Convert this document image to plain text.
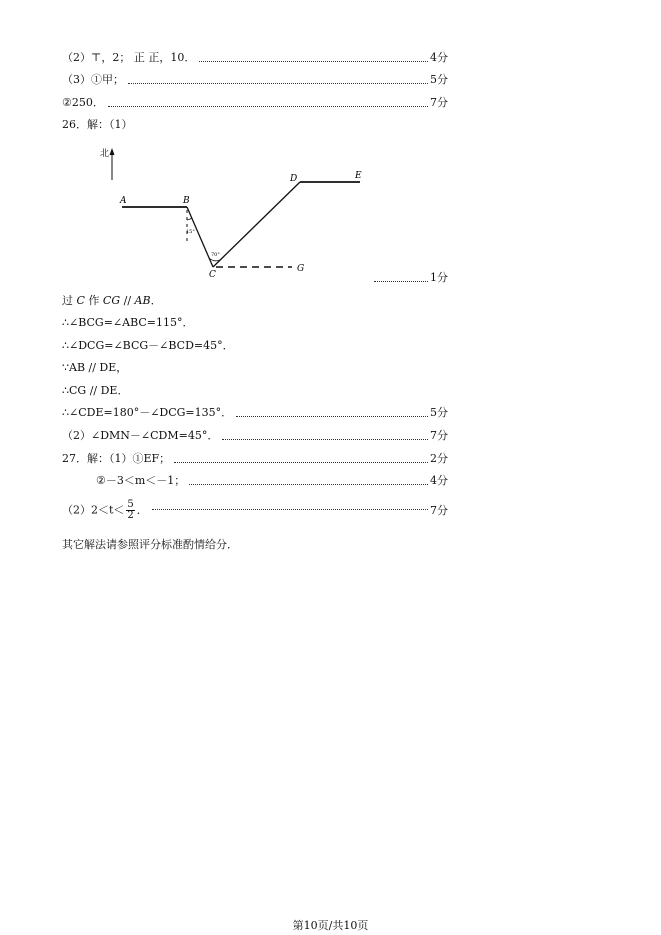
（2）⊤，2； 正 正，10．	4分
（3）①甲；	5分
②250．	7分
26．解：（1）
北
A	B
C
D	E
G
15°
70°
1分
过 C 作 CG // AB．
∴∠BCG=∠ABC=115°．
∴∠DCG=∠BCG－∠BCD=45°．
∵AB // DE，
∴CG // DE．
∴∠CDE=180°－∠DCG=135°．	5分
（2）∠DMN－∠CDM=45°．	7分
27．解：（1）①EF；	2分
②－3＜m＜－1；	4分
$(2)2<t< \frac{5}{2}$ ．	7分
其它解法请参照评分标准酌情给分．
第10页/共10页
